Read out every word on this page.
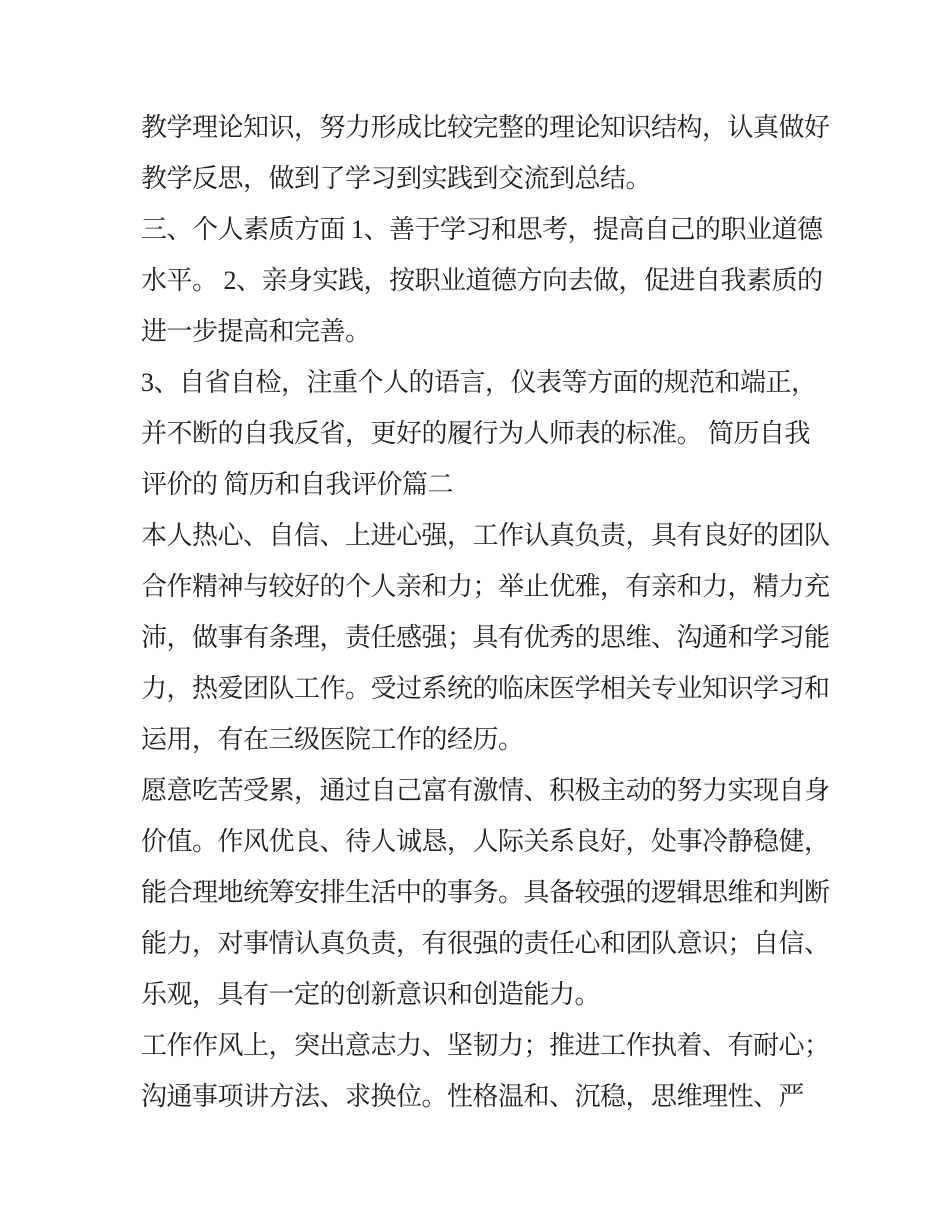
教学理论知识，努力形成比较完整的理论知识结构，认真做好
教学反思，做到了学习到实践到交流到总结。
三、个人素质方面 1、善于学习和思考，提高自己的职业道德
水平。 2、亲身实践，按职业道德方向去做，促进自我素质的
进一步提高和完善。
3、自省自检，注重个人的语言，仪表等方面的规范和端正，
并不断的自我反省，更好的履行为人师表的标准。 简历自我
评价的 简历和自我评价篇二
本人热心、自信、上进心强，工作认真负责，具有良好的团队
合作精神与较好的个人亲和力；举止优雅，有亲和力，精力充
沛，做事有条理，责任感强；具有优秀的思维、沟通和学习能
力，热爱团队工作。受过系统的临床医学相关专业知识学习和
运用，有在三级医院工作的经历。
愿意吃苦受累，通过自己富有激情、积极主动的努力实现自身
价值。作风优良、待人诚恳，人际关系良好，处事冷静稳健，
能合理地统筹安排生活中的事务。具备较强的逻辑思维和判断
能力，对事情认真负责，有很强的责任心和团队意识；自信、
乐观，具有一定的创新意识和创造能力。
工作作风上，突出意志力、坚韧力；推进工作执着、有耐心；
沟通事项讲方法、求换位。性格温和、沉稳，思维理性、严
